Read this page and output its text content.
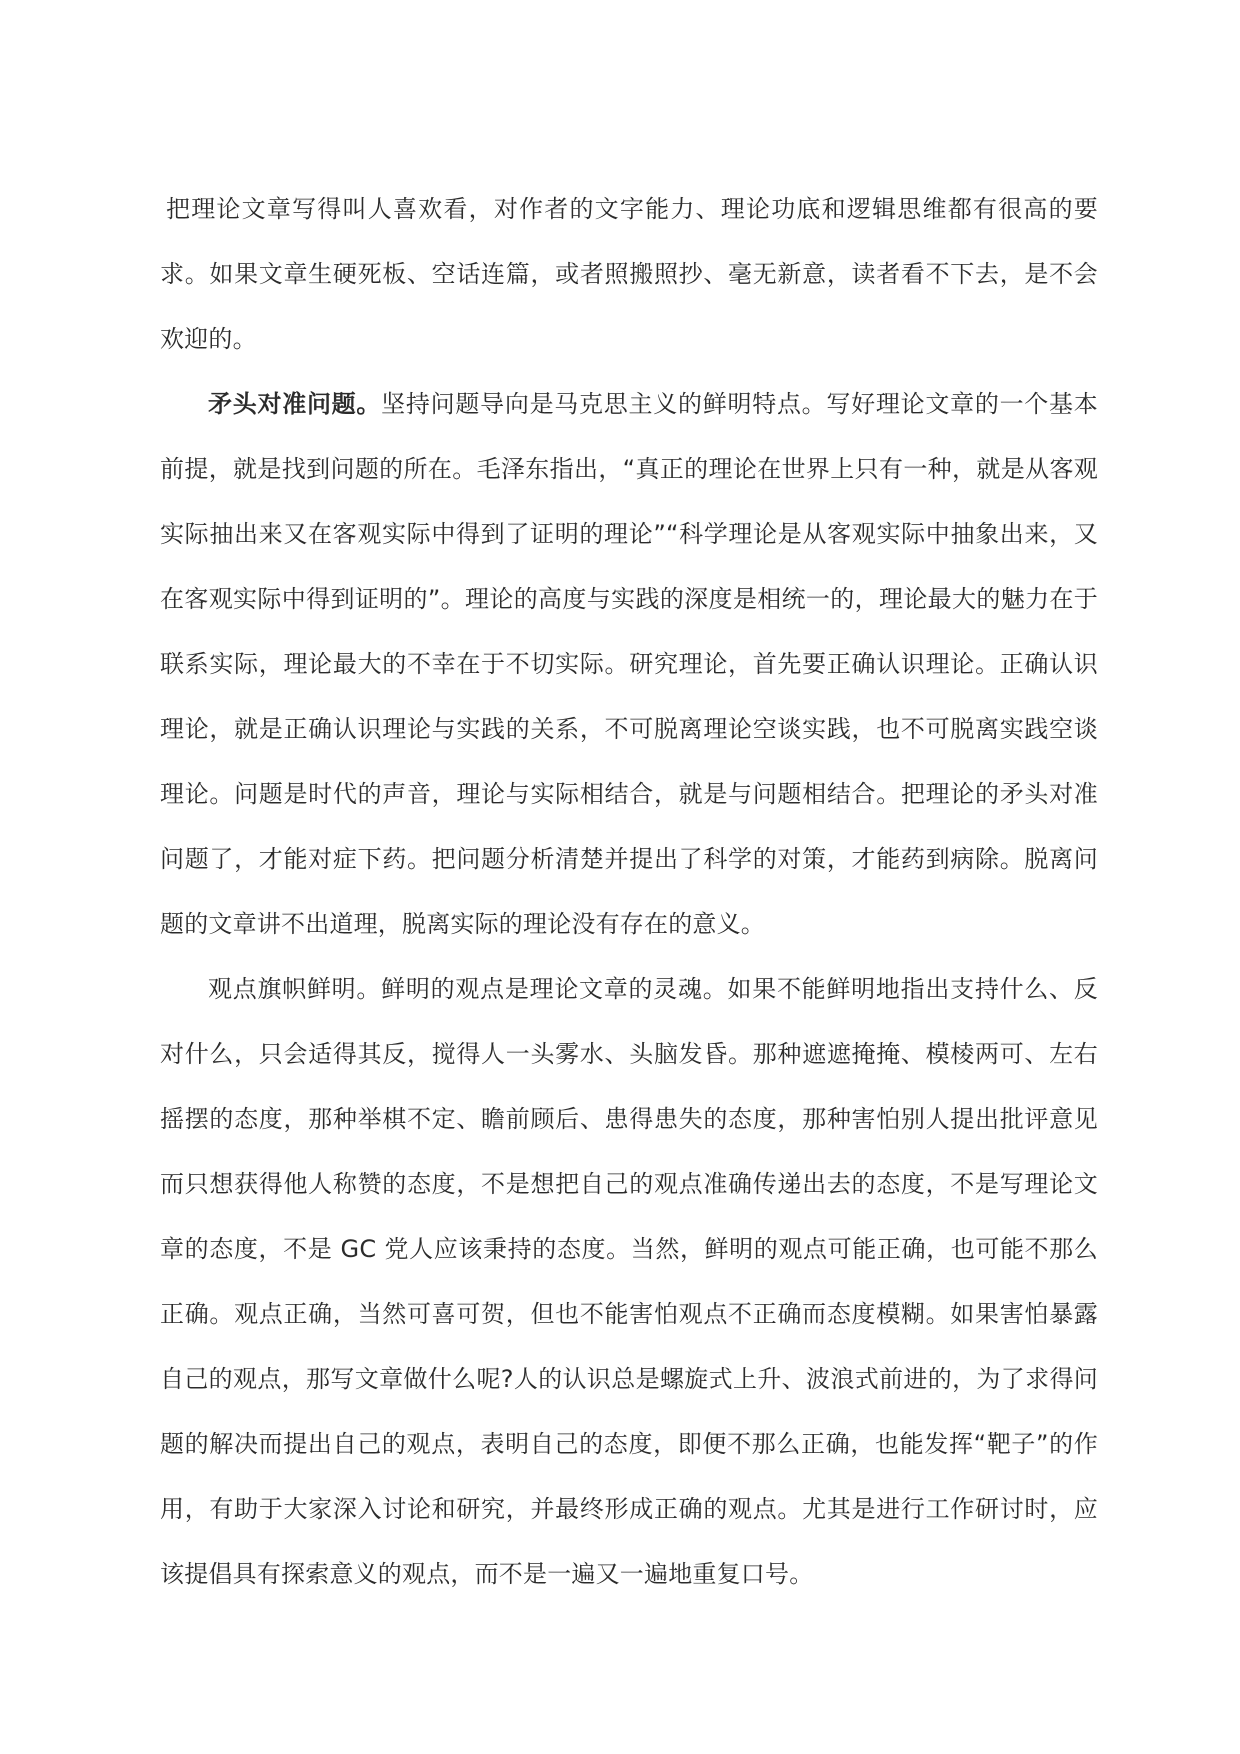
把理论文章写得叫人喜欢看，对作者的文字能力、理论功底和逻辑思维都有很高的要求。如果文章生硬死板、空话连篇，或者照搬照抄、毫无新意，读者看不下去，是不会欢迎的。

矛头对准问题。坚持问题导向是马克思主义的鲜明特点。写好理论文章的一个基本前提，就是找到问题的所在。毛泽东指出，“真正的理论在世界上只有一种，就是从客观实际抽出来又在客观实际中得到了证明的理论”“科学理论是从客观实际中抽象出来，又在客观实际中得到证明的”。理论的高度与实践的深度是相统一的，理论最大的魅力在于联系实际，理论最大的不幸在于不切实际。研究理论，首先要正确认识理论。正确认识理论，就是正确认识理论与实践的关系，不可脱离理论空谈实践，也不可脱离实践空谈理论。问题是时代的声音，理论与实际相结合，就是与问题相结合。把理论的矛头对准问题了，才能对症下药。把问题分析清楚并提出了科学的对策，才能药到病除。脱离问题的文章讲不出道理，脱离实际的理论没有存在的意义。

观点旗帜鲜明。鲜明的观点是理论文章的灵魂。如果不能鲜明地指出支持什么、反对什么，只会适得其反，搅得人一头雾水、头脑发昏。那种遮遮掩掩、模棱两可、左右摇摆的态度，那种举棋不定、瞻前顾后、患得患失的态度，那种害怕别人提出批评意见而只想获得他人称赞的态度，不是想把自己的观点准确传递出去的态度，不是写理论文章的态度，不是 GC 党人应该秉持的态度。当然，鲜明的观点可能正确，也可能不那么正确。观点正确，当然可喜可贺，但也不能害怕观点不正确而态度模糊。如果害怕暴露自己的观点，那写文章做什么呢?人的认识总是螺旋式上升、波浪式前进的，为了求得问题的解决而提出自己的观点，表明自己的态度，即便不那么正确，也能发挥“靶子”的作用，有助于大家深入讨论和研究，并最终形成正确的观点。尤其是进行工作研讨时，应该提倡具有探索意义的观点，而不是一遍又一遍地重复口号。
